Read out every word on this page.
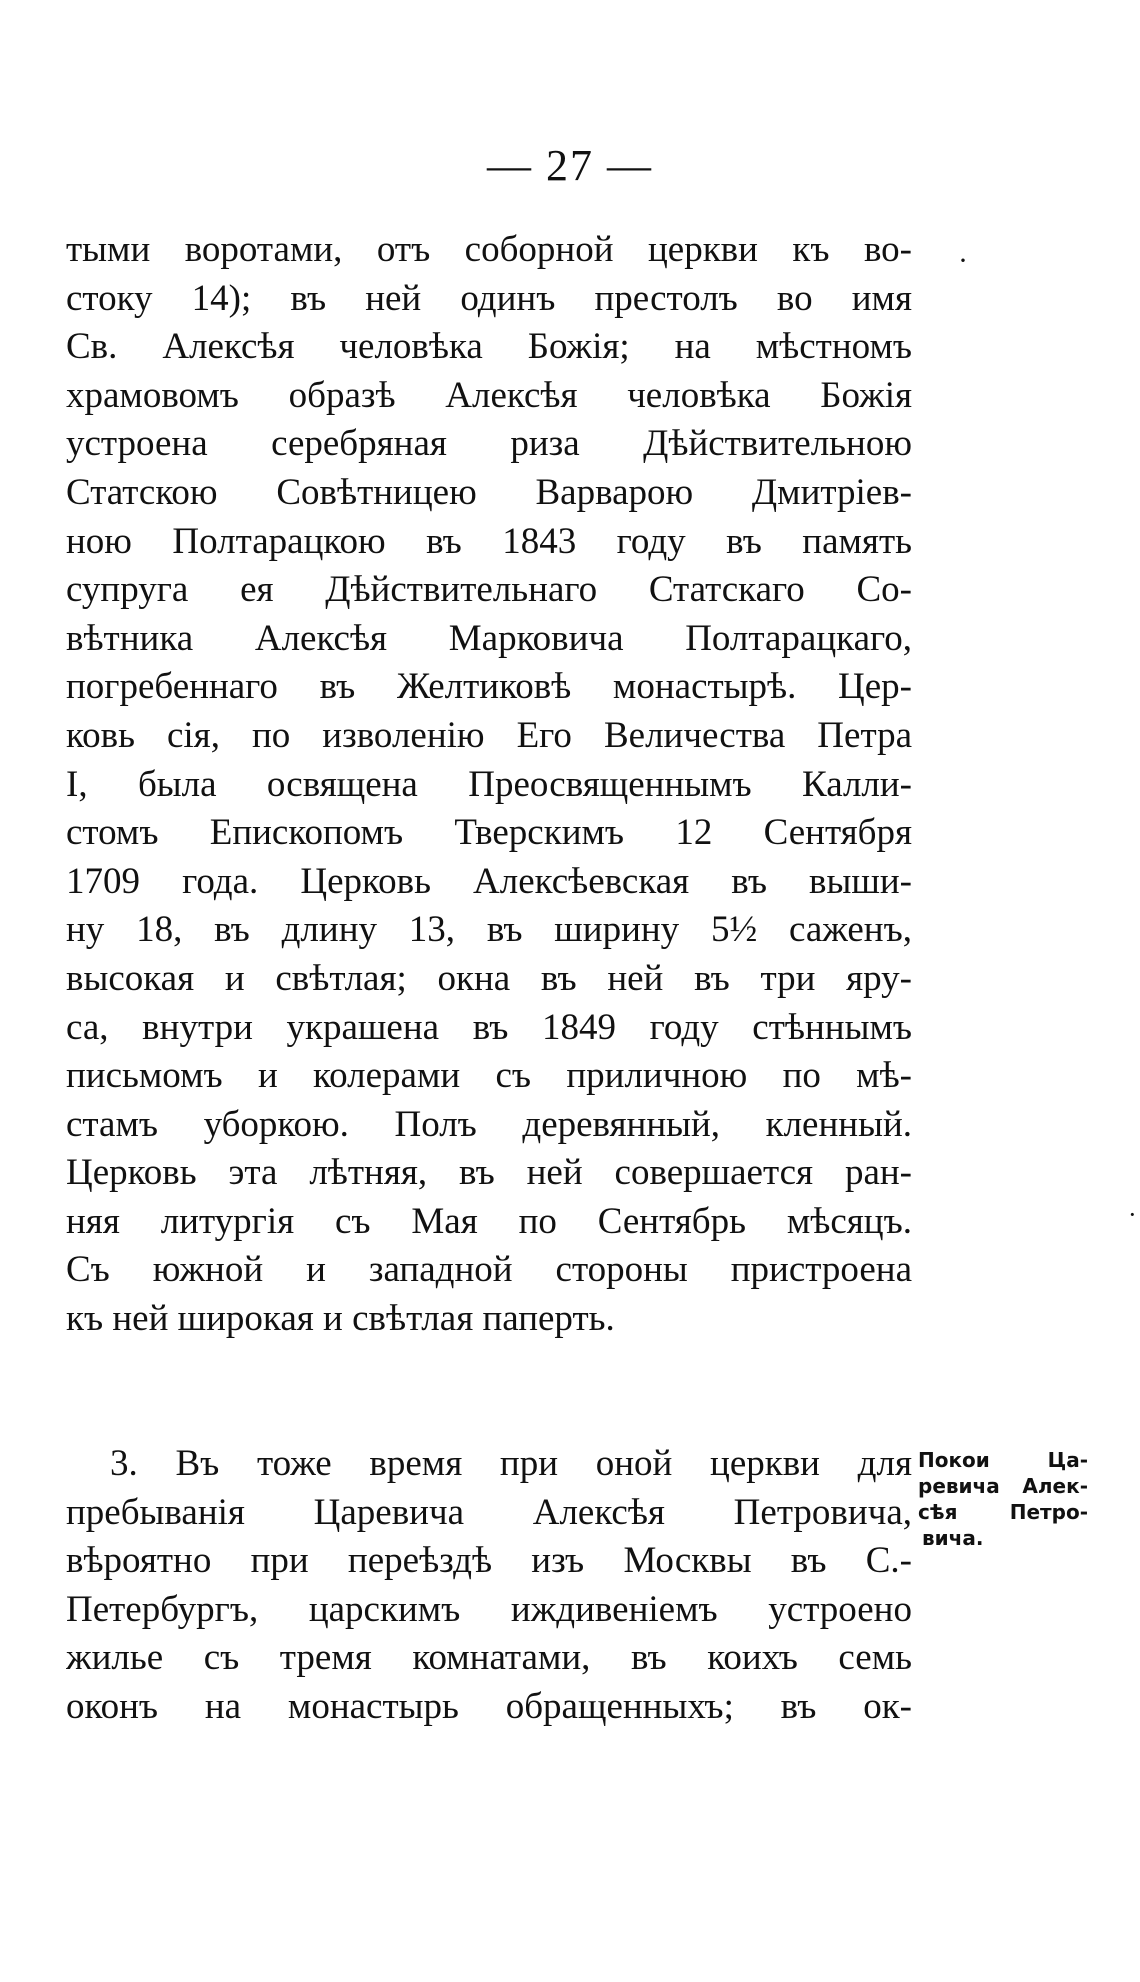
— 27 —
тыми воротами, отъ соборной церкви къ во-
стоку 14); въ ней одинъ престолъ во имя
Св. Алексѣя человѣка Божія; на мѣстномъ
храмовомъ образѣ Алексѣя человѣка Божія
устроена серебряная риза Дѣйствительною
Статскою Совѣтницею Варварою Дмитріев-
ною Полтарацкою въ 1843 году въ память
супруга ея Дѣйствительнаго Статскаго Со-
вѣтника Алексѣя Марковича Полтарацкаго,
погребеннаго въ Желтиковѣ монастырѣ. Цер-
ковь сія, по изволенію Его Величества Петра
I, была освящена Преосвященнымъ Калли-
стомъ Епископомъ Тверскимъ 12 Сентября
1709 года. Церковь Алексѣевская въ выши-
ну 18, въ длину 13, въ ширину 5½ саженъ,
высокая и свѣтлая; окна въ ней въ три яру-
са, внутри украшена въ 1849 году стѣннымъ
письмомъ и колерами съ приличною по мѣ-
стамъ уборкою. Полъ деревянный, кленный.
Церковь эта лѣтняя, въ ней совершается ран-
няя литургія съ Мая по Сентябрь мѣсяцъ.
Съ южной и западной стороны пристроена
къ ней широкая и свѣтлая паперть.
3. Въ тоже время при оной церкви для
пребыванія Царевича Алексѣя Петровича,
вѣроятно при переѣздѣ изъ Москвы въ С.-
Петербургъ, царскимъ иждивеніемъ устроено
жилье съ тремя комнатами, въ коихъ семь
оконъ на монастырь обращенныхъ; въ ок-
Покои Ца-
ревича Алек-
сѣя Петро-
вича.
·
·
